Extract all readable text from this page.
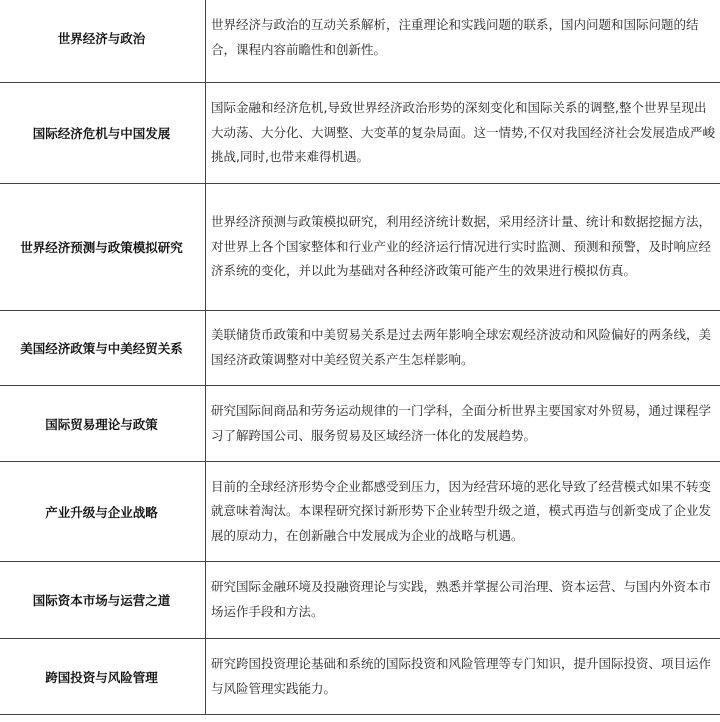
世界经济与政治	世界经济与政治的互动关系解析，注重理论和实践问题的联系，国内问题和国际问题的结合，课程内容前瞻性和创新性。
国际经济危机与中国发展	国际金融和经济危机,导致世界经济政治形势的深刻变化和国际关系的调整,整个世界呈现出大动荡、大分化、大调整、大变革的复杂局面。这一情势,不仅对我国经济社会发展造成严峻挑战,同时,也带来难得机遇。
世界经济预测与政策模拟研究	世界经济预测与政策模拟研究，利用经济统计数据，采用经济计量、统计和数据挖掘方法，对世界上各个国家整体和行业产业的经济运行情况进行实时监测、预测和预警，及时响应经济系统的变化，并以此为基础对各种经济政策可能产生的效果进行模拟仿真。
美国经济政策与中美经贸关系	美联储货币政策和中美贸易关系是过去两年影响全球宏观经济波动和风险偏好的两条线，美国经济政策调整对中美经贸关系产生怎样影响。
国际贸易理论与政策	研究国际间商品和劳务运动规律的一门学科，全面分析世界主要国家对外贸易，通过课程学习了解跨国公司、服务贸易及区域经济一体化的发展趋势。
产业升级与企业战略	目前的全球经济形势令企业都感受到压力，因为经营环境的恶化导致了经营模式如果不转变就意味着淘汰。本课程研究探讨新形势下企业转型升级之道，模式再造与创新变成了企业发展的原动力，在创新融合中发展成为企业的战略与机遇。
国际资本市场与运营之道	研究国际金融环境及投融资理论与实践，熟悉并掌握公司治理、资本运营、与国内外资本市场运作手段和方法。
跨国投资与风险管理	研究跨国投资理论基础和系统的国际投资和风险管理等专门知识，提升国际投资、项目运作与风险管理实践能力。
